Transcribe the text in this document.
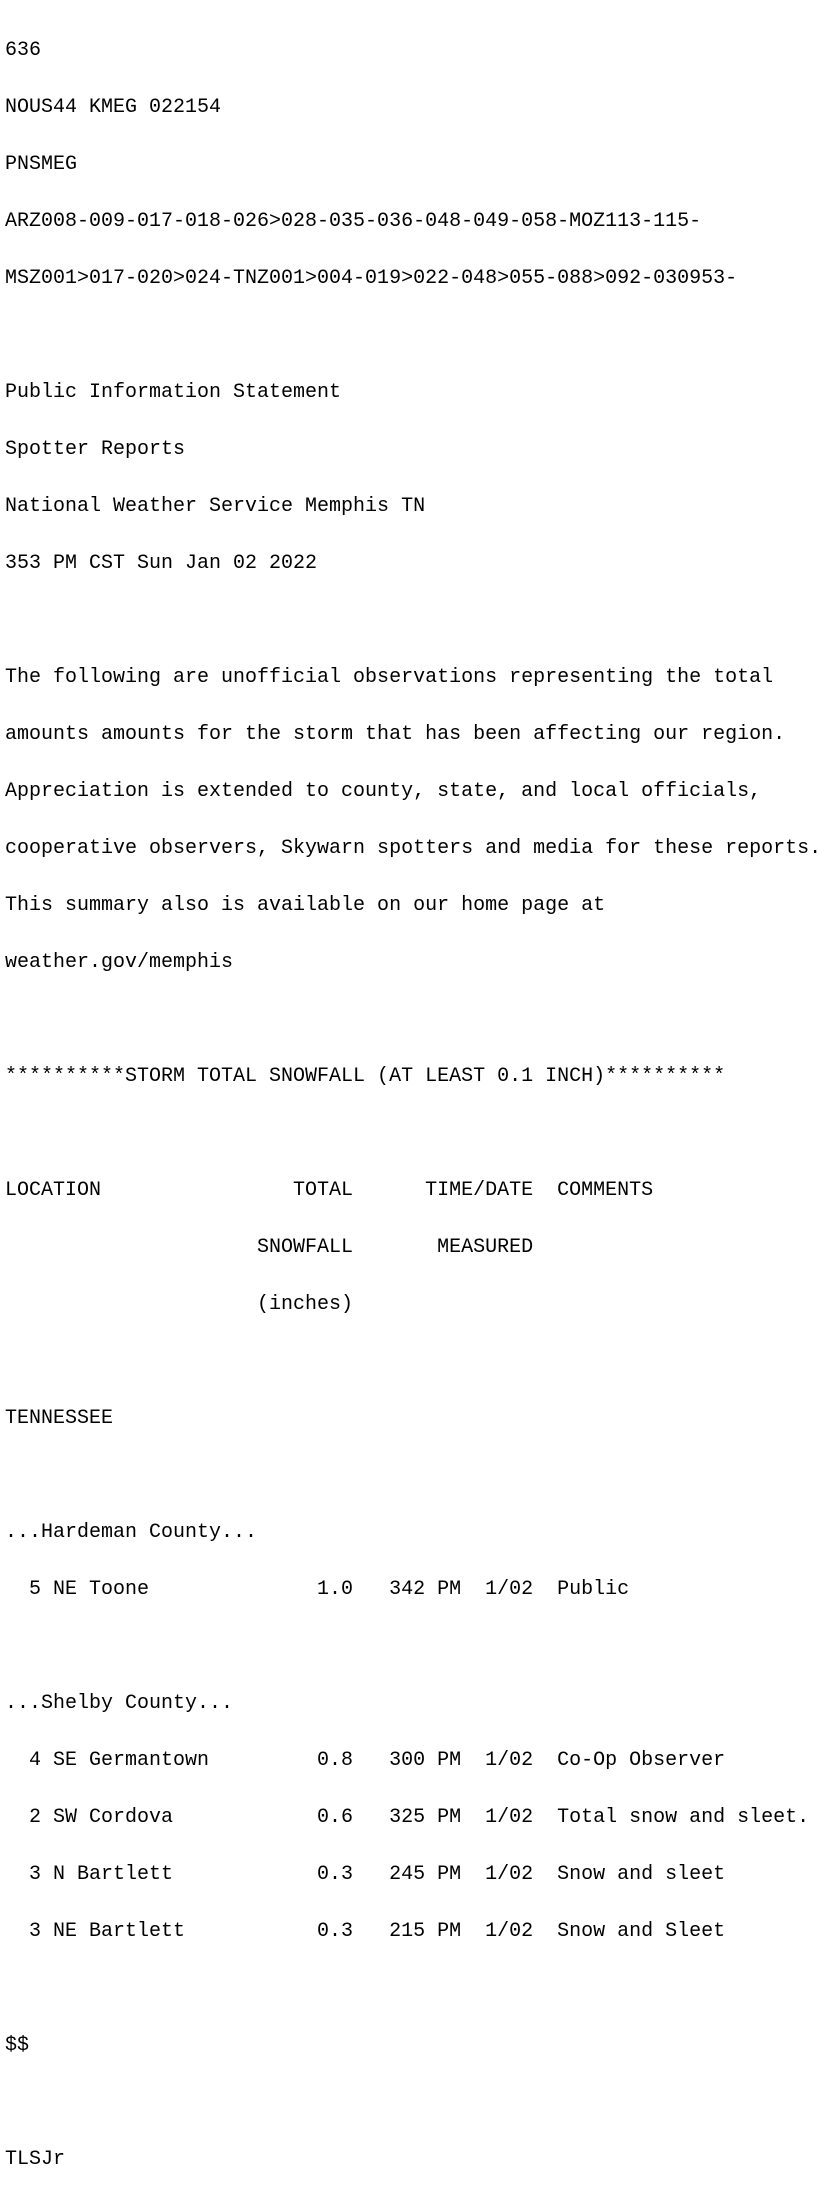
636

NOUS44 KMEG 022154

PNSMEG

ARZ008-009-017-018-026>028-035-036-048-049-058-MOZ113-115-

MSZ001>017-020>024-TNZ001>004-019>022-048>055-088>092-030953-

Public Information Statement

Spotter Reports

National Weather Service Memphis TN

353 PM CST Sun Jan 02 2022

The following are unofficial observations representing the total

amounts amounts for the storm that has been affecting our region.

Appreciation is extended to county, state, and local officials,

cooperative observers, Skywarn spotters and media for these reports.

This summary also is available on our home page at

weather.gov/memphis

**********STORM TOTAL SNOWFALL (AT LEAST 0.1 INCH)**********

LOCATION                TOTAL      TIME/DATE  COMMENTS

SNOWFALL       MEASURED

(inches)

TENNESSEE

...Hardeman County...

5 NE Toone              1.0   342 PM  1/02  Public

...Shelby County...

4 SE Germantown         0.8   300 PM  1/02  Co-Op Observer

2 SW Cordova            0.6   325 PM  1/02  Total snow and sleet.

3 N Bartlett            0.3   245 PM  1/02  Snow and sleet

3 NE Bartlett           0.3   215 PM  1/02  Snow and Sleet

$$

TLSJr
